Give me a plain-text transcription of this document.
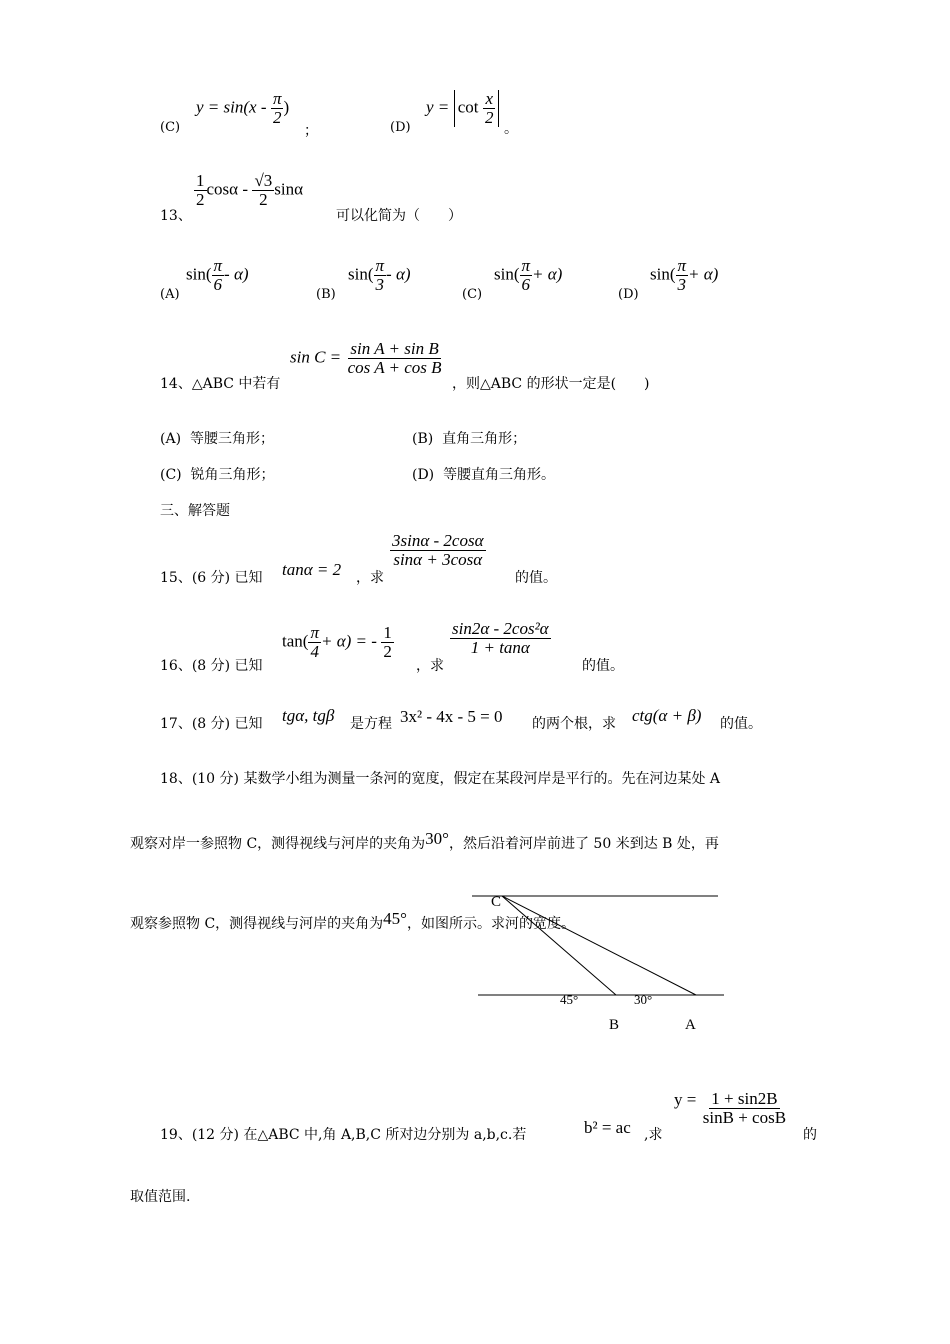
(C)
$y = \sin(x - \frac{\pi}{2}$ )
；	(D)
$y = \cot \frac{x}{2}$
。
13、
$\frac{1}{2}$ cosα - $\frac{√3}{2}$ sinα
可以化简为（　　）
(A)
$\sin( \frac{\pi}{6} - \alpha)$
(B)
$\sin( \frac{\pi}{3} - \alpha)$
(C)
$\sin( \frac{\pi}{6} + \alpha)$
(D)
$\sin( \frac{\pi}{3} + \alpha)$
14、△ABC 中若有
$\sin C = \frac{\text{sin A + sin B}}{\text{cos A + cos B}}$
，则△ABC 的形状一定是(　　)
(A) 等腰三角形；	(B) 直角三角形；
(C) 锐角三角形；	(D) 等腰直角三角形。
三、解答题
15、(6 分) 已知 tanα = 2 ，求
$\frac{3\sin\alpha - 2\cos\alpha}{\sin\alpha + 3\cos\alpha}$
的值。
16、(8 分) 已知
$\tan( \frac{\pi}{4} + \alpha)$ = - $\frac{1}{2}$
，求
$\frac{\text{sin2α - 2cos²α}}{1 + \tan\alpha}$
的值。
17、(8 分) 已知 tgα, tgβ 是方程 3x² - 4x - 5 = 0 的两个根，求 ctg(α + β) 的值。
18、(10 分) 某数学小组为测量一条河的宽度，假定在某段河岸是平行的。先在河边某处 A
观察对岸一参照物 C，测得视线与河岸的夹角为30°，然后沿着河岸前进了 50 米到达 B 处，再
观察参照物 C，测得视线与河岸的夹角为45°，如图所示。求河的宽度。
C
45°	30°
B	A
19、(12 分) 在△ABC 中,角 A,B,C 所对边分别为 a,b,c.若	b² = ac ,求
$y = \frac{1 + \sin 2B}{\sin B + \cos B}$
的
取值范围.
